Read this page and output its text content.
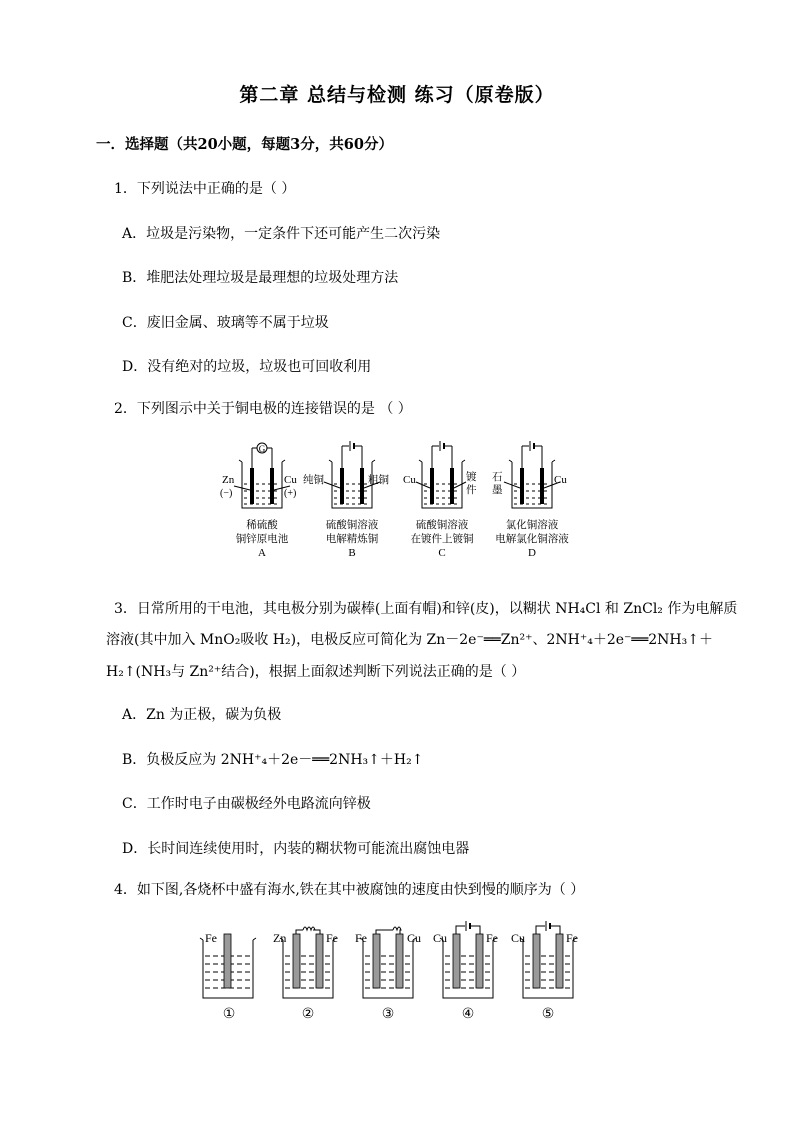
第二章 总结与检测 练习（原卷版）
一．选择题（共20小题，每题3分，共60分）
1．下列说法中正确的是（ ）
A．垃圾是污染物，一定条件下还可能产生二次污染
B．堆肥法处理垃圾是最理想的垃圾处理方法
C．废旧金属、玻璃等不属于垃圾
D．没有绝对的垃圾，垃圾也可回收利用
2．下列图示中关于铜电极的连接错误的是 （ ）
G
Zn
(−)
Cu
(+)
稀硫酸
铜锌原电池
A
纯铜	粗铜
硫酸铜溶液
电解精炼铜
B
Cu	镀
件
硫酸铜溶液
在镀件上镀铜
C
石
墨
Cu
氯化铜溶液
电解氯化铜溶液
D
3．日常所用的干电池，其电极分别为碳棒(上面有帽)和锌(皮)，以糊状 NH₄Cl 和 ZnCl₂ 作为电解质
溶液(其中加入 MnO₂吸收 H₂)，电极反应可简化为 Zn－2e⁻══Zn²⁺、2NH⁺₄＋2e⁻══2NH₃↑＋
H₂↑(NH₃与 Zn²⁺结合)，根据上面叙述判断下列说法正确的是（ ）
A．Zn 为正极，碳为负极
B．负极反应为 2NH⁺₄＋2e－══2NH₃↑＋H₂↑
C．工作时电子由碳极经外电路流向锌极
D．长时间连续使用时，内装的糊状物可能流出腐蚀电器
4．如下图,各烧杯中盛有海水,铁在其中被腐蚀的速度由快到慢的顺序为（ ）
Fe
①
Zn	Fe
②
Fe	Cu
③
Cu	Fe
④
Cu	Fe
⑤
